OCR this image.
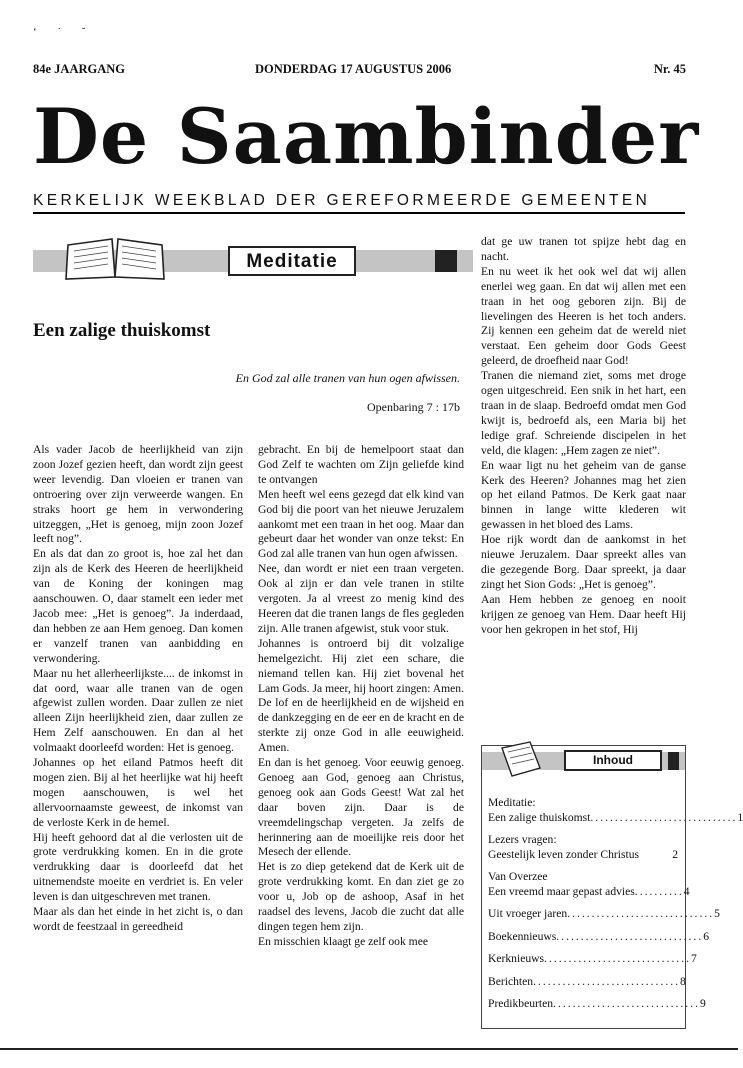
‘ ˙ ˘
84e JAARGANG	DONDERDAG 17 AUGUSTUS 2006	Nr. 45
De Saambinder
KERKELIJK WEEKBLAD DER GEREFORMEERDE GEMEENTEN
Meditatie
Een zalige thuiskomst
En God zal alle tranen van hun ogen afwissen.
Openbaring 7 : 17b

Als vader Jacob de heerlijkheid van zijn zoon Jozef gezien heeft, dan wordt zijn geest weer levendig. Dan vloeien er tranen van ontroering over zijn verweerde wangen. En straks hoort ge hem in verwondering uitzeggen, „Het is genoeg, mijn zoon Jozef leeft nog”.

En als dat dan zo groot is, hoe zal het dan zijn als de Kerk des Heeren de heerlijkheid van de Koning der koningen mag aanschouwen. O, daar stamelt een ieder met Jacob mee: „Het is genoeg”. Ja inderdaad, dan hebben ze aan Hem genoeg. Dan komen er vanzelf tranen van aanbidding en verwondering.

Maar nu het allerheerlijkste.... de inkomst in dat oord, waar alle tranen van de ogen afgewist zullen worden. Daar zullen ze niet alleen Zijn heerlijkheid zien, daar zullen ze Hem Zelf aanschouwen. En dan al het volmaakt doorleefd worden: Het is genoeg.

Johannes op het eiland Patmos heeft dit mogen zien. Bij al het heerlijke wat hij heeft mogen aanschouwen, is wel het allervoornaamste geweest, de inkomst van de verloste Kerk in de hemel.

Hij heeft gehoord dat al die verlosten uit de grote verdrukking komen. En in die grote verdrukking daar is doorleefd dat het uitnemendste moeite en verdriet is. En veler leven is dan uitgeschreven met tranen.

Maar als dan het einde in het zicht is, o dan wordt de feestzaal in gereedheid

gebracht. En bij de hemelpoort staat dan God Zelf te wachten om Zijn geliefde kind te ontvangen

Men heeft wel eens gezegd dat elk kind van God bij die poort van het nieuwe Jeruzalem aankomt met een traan in het oog. Maar dan gebeurt daar het wonder van onze tekst: En God zal alle tranen van hun ogen afwissen.

Nee, dan wordt er niet een traan vergeten. Ook al zijn er dan vele tranen in stilte vergoten. Ja al vreest zo menig kind des Heeren dat die tranen langs de fles gegleden zijn. Alle tranen afgewist, stuk voor stuk.

Johannes is ontroerd bij dit volzalige hemelgezicht. Hij ziet een schare, die niemand tellen kan. Hij ziet bovenal het Lam Gods. Ja meer, hij hoort zingen: Amen. De lof en de heerlijkheid en de wijsheid en de dankzegging en de eer en de kracht en de sterkte zij onze God in alle eeuwigheid. Amen.

En dan is het genoeg. Voor eeuwig genoeg. Genoeg aan God, genoeg aan Christus, genoeg ook aan Gods Geest! Wat zal het daar boven zijn. Daar is de vreemdelingschap vergeten. Ja zelfs de herinnering aan de moeilijke reis door het Mesech der ellende.

Het is zo diep getekend dat de Kerk uit de grote verdrukking komt. En dan ziet ge zo voor u, Job op de ashoop, Asaf in het raadsel des levens, Jacob die zucht dat alle dingen tegen hem zijn.

En misschien klaagt ge zelf ook mee

dat ge uw tranen tot spijze hebt dag en nacht.

En nu weet ik het ook wel dat wij allen enerlei weg gaan. En dat wij allen met een traan in het oog geboren zijn. Bij de lievelingen des Heeren is het toch anders. Zij kennen een geheim dat de wereld niet verstaat. Een geheim door Gods Geest geleerd, de droefheid naar God!

Tranen die niemand ziet, soms met droge ogen uitgeschreid. Een snik in het hart, een traan in de slaap. Bedroefd omdat men God kwijt is, bedroefd als, een Maria bij het ledige graf. Schreiende discipelen in het veld, die klagen: „Hem zagen ze niet”.

En waar ligt nu het geheim van de ganse Kerk des Heeren? Johannes mag het zien op het eiland Patmos. De Kerk gaat naar binnen in lange witte klederen wit gewassen in het bloed des Lams.

Hoe rijk wordt dan de aankomst in het nieuwe Jeruzalem. Daar spreekt alles van die gezegende Borg. Daar spreekt, ja daar zingt het Sion Gods: „Het is genoeg”.

Aan Hem hebben ze genoeg en nooit krijgen ze genoeg van Hem. Daar heeft Hij voor hen gekropen in het stof, Hij

Inhoud
Meditatie:
Een zalige thuiskomst .............................. 1
Lezers vragen:
Geestelijk leven zonder Christus	2
Van Overzee
Een vreemd maar gepast advies .......... 4
Uit vroeger jaren .............................. 5
Boekennieuws .............................. 6
Kerknieuws .............................. 7
Berichten .............................. 8
Predikbeurten .............................. 9
